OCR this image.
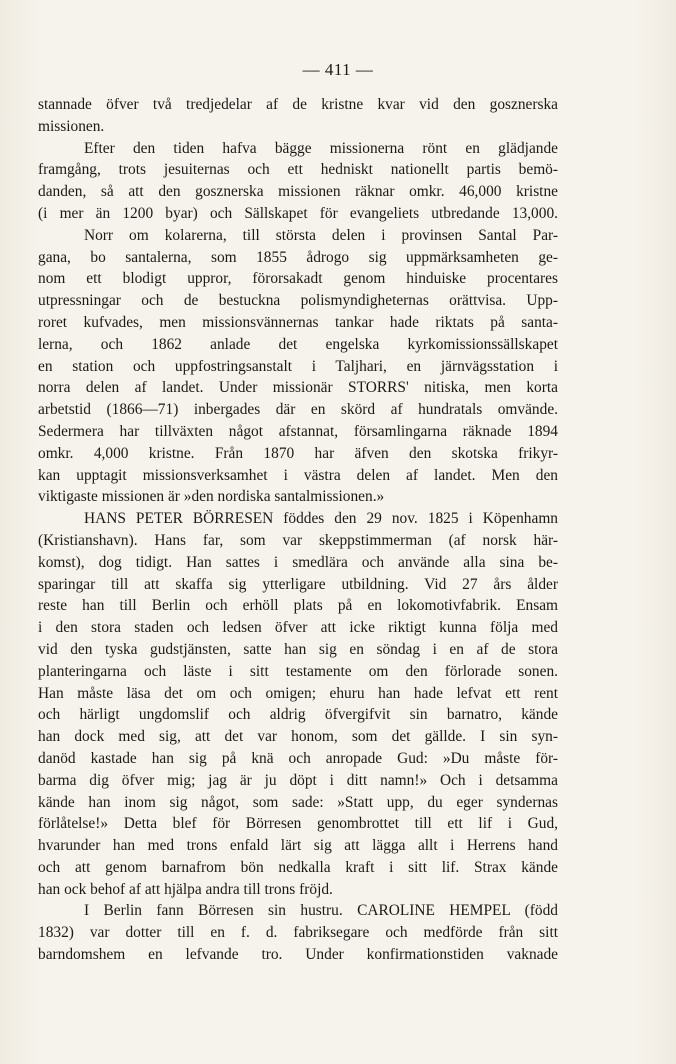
— 411 —
stannade öfver två tredjedelar af de kristne kvar vid den gosznerska
missionen.
Efter den tiden hafva bägge missionerna rönt en glädjande
framgång, trots jesuiternas och ett hedniskt nationellt partis bemö-
danden, så att den gosznerska missionen räknar omkr. 46,000 kristne
(i mer än 1200 byar) och Sällskapet för evangeliets utbredande 13,000.
Norr om kolarerna, till största delen i provinsen Santal Par-
gana, bo santalerna, som 1855 ådrogo sig uppmärksamheten ge-
nom ett blodigt uppror, förorsakadt genom hinduiske procentares
utpressningar och de bestuckna polismyndigheternas orättvisa. Upp-
roret kufvades, men missionsvännernas tankar hade riktats på santa-
lerna, och 1862 anlade det engelska kyrkomissionssällskapet
en station och uppfostringsanstalt i Taljhari, en järnvägsstation i
norra delen af landet. Under missionär STORRS' nitiska, men korta
arbetstid (1866—71) inbergades där en skörd af hundratals omvände.
Sedermera har tillväxten något afstannat, församlingarna räknade 1894
omkr. 4,000 kristne. Från 1870 har äfven den skotska frikyr-
kan upptagit missionsverksamhet i västra delen af landet. Men den
viktigaste missionen är »den nordiska santalmissionen.»
HANS PETER BÖRRESEN föddes den 29 nov. 1825 i Köpenhamn
(Kristianshavn). Hans far, som var skeppstimmerman (af norsk här-
komst), dog tidigt. Han sattes i smedlära och använde alla sina be-
sparingar till att skaffa sig ytterligare utbildning. Vid 27 års ålder
reste han till Berlin och erhöll plats på en lokomotivfabrik. Ensam
i den stora staden och ledsen öfver att icke riktigt kunna följa med
vid den tyska gudstjänsten, satte han sig en söndag i en af de stora
planteringarna och läste i sitt testamente om den förlorade sonen.
Han måste läsa det om och omigen; ehuru han hade lefvat ett rent
och härligt ungdomslif och aldrig öfvergifvit sin barnatro, kände
han dock med sig, att det var honom, som det gällde. I sin syn-
danöd kastade han sig på knä och anropade Gud: »Du måste för-
barma dig öfver mig; jag är ju döpt i ditt namn!» Och i detsamma
kände han inom sig något, som sade: »Statt upp, du eger syndernas
förlåtelse!» Detta blef för Börresen genombrottet till ett lif i Gud,
hvarunder han med trons enfald lärt sig att lägga allt i Herrens hand
och att genom barnafrom bön nedkalla kraft i sitt lif. Strax kände
han ock behof af att hjälpa andra till trons fröjd.
I Berlin fann Börresen sin hustru. CAROLINE HEMPEL (född
1832) var dotter till en f. d. fabriksegare och medförde från sitt
barndomshem en lefvande tro. Under konfirmationstiden vaknade
